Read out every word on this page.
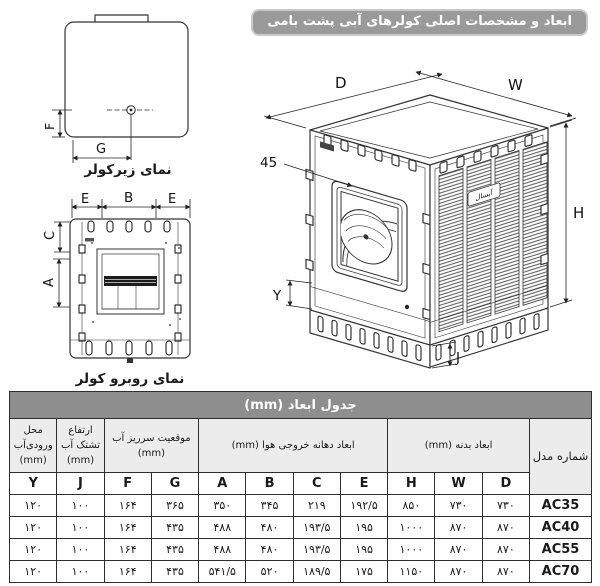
ابعاد و مشخصات اصلی کولرهای آبی پشت بامی
F
G
نمای زیرکولر
E	B	E
C
A
نمای روبرو کولر
آبسال
D	W
H
45
Y
J
جدول ابعاد (mm)											
شماره مدل	ابعاد بدنه (mm)			ابعاد دهانه خروجی هوا (mm)				موقعیت سرریز آب (mm)		ارتفاع تشتک آب (mm)	محل ورودی‌آب (mm)
	D	W	H	E	C	B	A	G	F	J	Y
AC35	۷۳۰	۷۳۰	۸۵۰	۱۹۲/۵	۲۱۹	۳۴۵	۳۵۰	۳۶۵	۱۶۴	۱۰۰	۱۲۰
AC40	۸۷۰	۸۷۰	۱۰۰۰	۱۹۵	۱۹۳/۵	۴۸۰	۴۸۸	۴۳۵	۱۶۴	۱۰۰	۱۲۰
AC55	۸۷۰	۸۷۰	۱۰۰۰	۱۹۵	۱۹۳/۵	۴۸۰	۴۸۸	۴۳۵	۱۶۴	۱۰۰	۱۲۰
AC70	۸۷۰	۸۷۰	۱۱۵۰	۱۷۵	۱۸۹/۵	۵۲۰	۵۴۱/۵	۴۳۵	۱۶۴	۱۰۰	۱۲۰
